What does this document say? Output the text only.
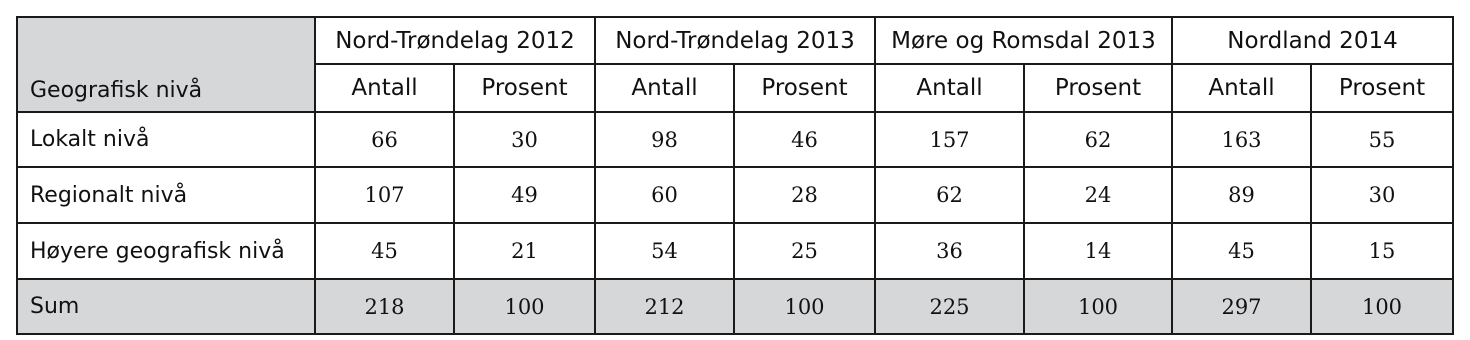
Geografisk nivå	Nord-Trøndelag 2012		Nord-Trøndelag 2013		Møre og Romsdal 2013		Nordland 2014	
	Antall	Prosent	Antall	Prosent	Antall	Prosent	Antall	Prosent
Lokalt nivå	66	30	98	46	157	62	163	55
Regionalt nivå	107	49	60	28	62	24	89	30
Høyere geografisk nivå	45	21	54	25	36	14	45	15
Sum	218	100	212	100	225	100	297	100
